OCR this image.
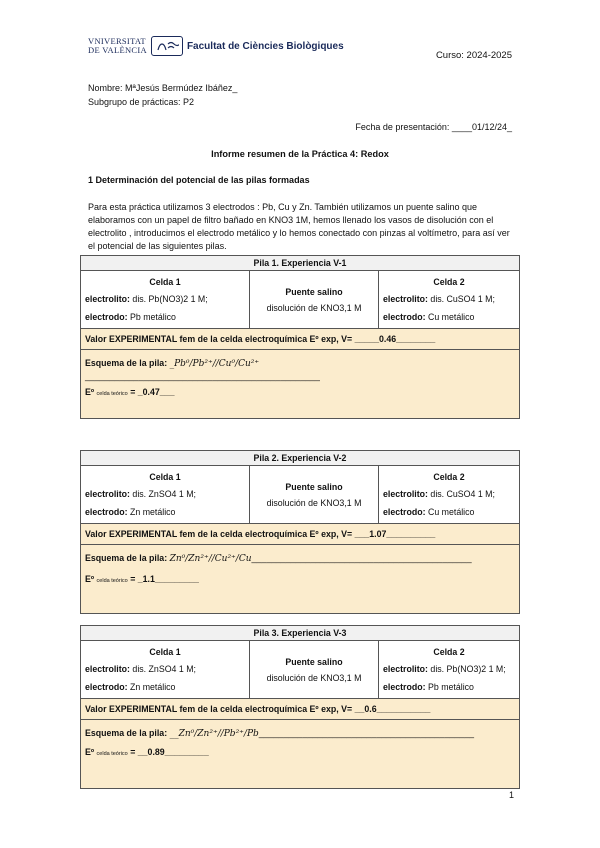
VNIVERSITAT
DE VALÈNCIA	Facultat de Ciències Biològiques
Curso: 2024-2025
Nombre: MªJesús Bermúdez Ibáñez_
Subgrupo de prácticas: P2
Fecha de presentación: ____01/12/24_
Informe resumen de la Práctica 4: Redox
1 Determinación del potencial de las pilas formadas
Para esta práctica utilizamos 3 electrodos : Pb, Cu y Zn. También utilizamos un puente salino que elaboramos con un papel de filtro bañado en KNO3 1M, hemos llenado los vasos de disolución con el electrolito , introducimos el electrodo metálico y lo hemos conectado con pinzas al voltímetro, para así ver el potencial de las siguientes pilas.
Pila 1. Experiencia V-1

Celda 1
electrolito: dis. Pb(NO3)2 1 M;
electrodo: Pb metálico

Puente salino
disolución de KNO3,1 M

Celda 2
electrolito: dis. CuSO4 1 M;
electrodo: Cu metálico

Valor EXPERIMENTAL fem de la celda electroquímica Eº exp, V= _____0.46________

Esquema de la pila: _Pb⁰/Pb²⁺//Cu⁰/Cu²⁺
________________________________________________
Eº celda teórico = _0.47___
Pila 2. Experiencia V-2

Celda 1
electrolito: dis. ZnSO4 1 M;
electrodo: Zn metálico

Puente salino
disolución de KNO3,1 M

Celda 2
electrolito: dis. CuSO4 1 M;
electrodo: Cu metálico

Valor EXPERIMENTAL fem de la celda electroquímica Eº exp, V= ___1.07__________

Esquema de la pila: Zn⁰/Zn²⁺//Cu²⁺/Cu_____________________________________________
Eº celda teórico = _1.1_________
Pila 3. Experiencia V-3

Celda 1
electrolito: dis. ZnSO4 1 M;
electrodo: Zn metálico

Puente salino
disolución de KNO3,1 M

Celda 2
electrolito: dis. Pb(NO3)2 1 M;
electrodo: Pb metálico

Valor EXPERIMENTAL fem de la celda electroquímica Eº exp, V= __0.6___________

Esquema de la pila: __Zn⁰/Zn²⁺//Pb²⁺/Pb____________________________________________
Eº celda teórico = __0.89_________
1
